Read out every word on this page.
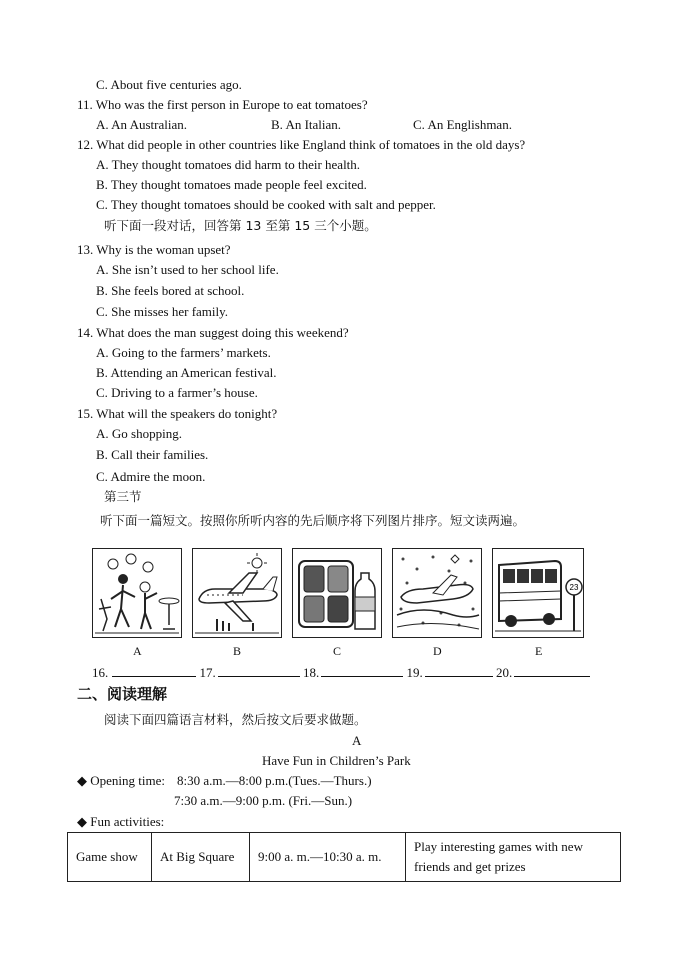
C. About five centuries ago.
11. Who was the first person in Europe to eat tomatoes?
A. An Australian.	B. An Italian.	C. An Englishman.
12. What did people in other countries like England think of tomatoes in the old days?
A. They thought tomatoes did harm to their health.
B. They thought tomatoes made people feel excited.
C. They thought tomatoes should be cooked with salt and pepper.
听下面一段对话，回答第 13 至第 15 三个小题。
13. Why is the woman upset?
A. She isn’t used to her school life.
B. She feels bored at school.
C. She misses her family.
14. What does the man suggest doing this weekend?
A. Going to the farmers’ markets.
B. Attending an American festival.
C. Driving to a farmer’s house.
15. What will the speakers do tonight?
A. Go shopping.
B. Call their families.
C. Admire the moon.
第三节
听下面一篇短文。按照你所听内容的先后顺序将下列图片排序。短文读两遍。
23
A	B	C	D	E
16.	17.	18.	19.	20.
二、阅读理解
阅读下面四篇语言材料，然后按文后要求做题。
A
Have Fun in Children’s Park
◆ Opening time: 8:30 a.m.—8:00 p.m.(Tues.—Thurs.)
7:30 a.m.—9:00 p.m. (Fri.—Sun.)
◆ Fun activities:
Game show	At Big Square	9:00 a. m.—10:30 a. m.	Play interesting games with new friends and get prizes
